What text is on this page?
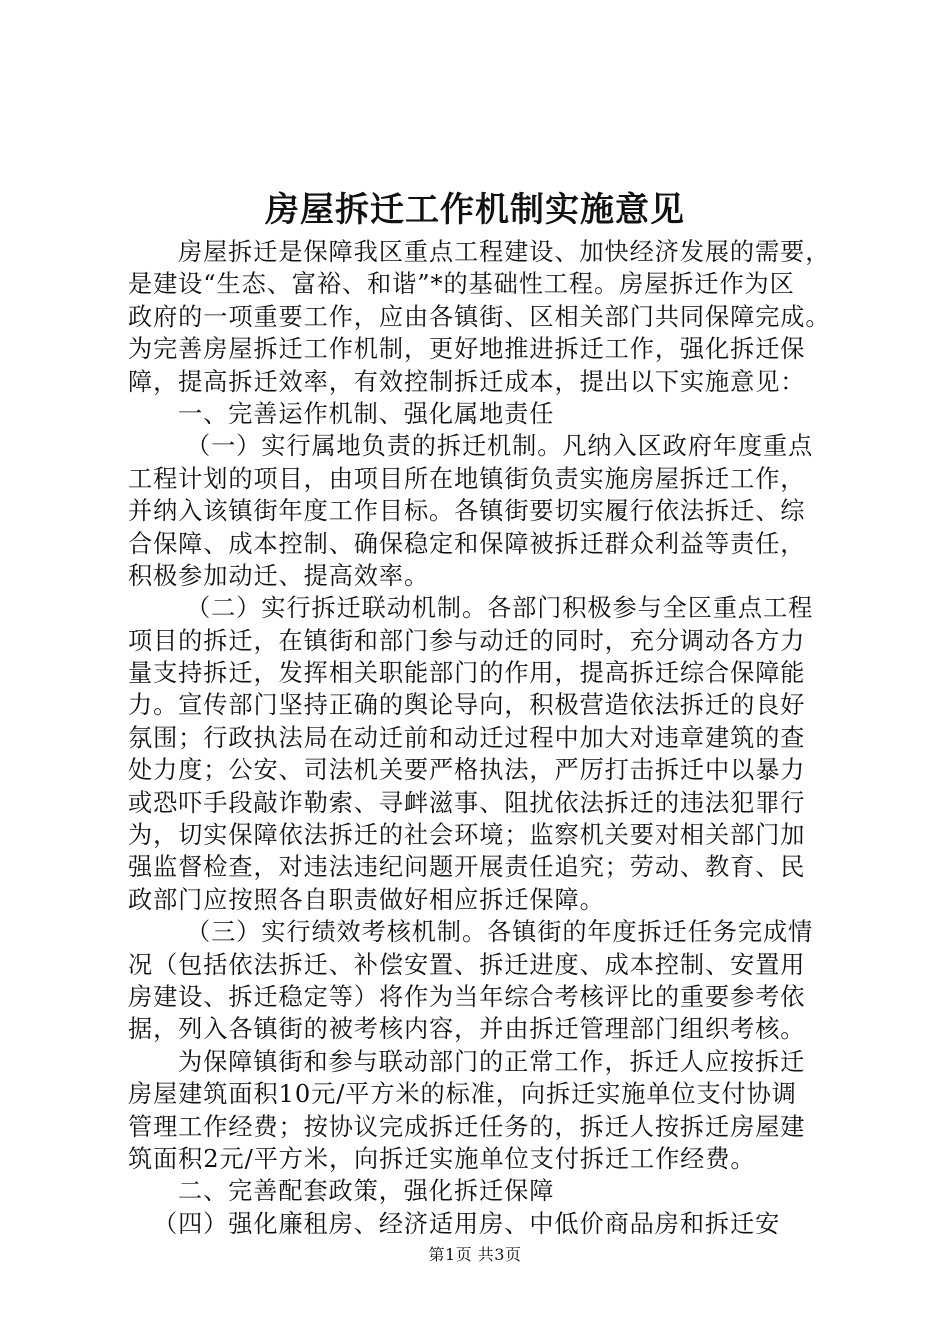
房屋拆迁工作机制实施意见
房屋拆迁是保障我区重点工程建设、加快经济发展的需要，
是建设“生态、富裕、和谐”*的基础性工程。房屋拆迁作为区
政府的一项重要工作，应由各镇街、区相关部门共同保障完成。
为完善房屋拆迁工作机制，更好地推进拆迁工作，强化拆迁保
障，提高拆迁效率，有效控制拆迁成本，提出以下实施意见：
一、完善运作机制、强化属地责任
（一）实行属地负责的拆迁机制。凡纳入区政府年度重点
工程计划的项目，由项目所在地镇街负责实施房屋拆迁工作，
并纳入该镇街年度工作目标。各镇街要切实履行依法拆迁、综
合保障、成本控制、确保稳定和保障被拆迁群众利益等责任，
积极参加动迁、提高效率。
（二）实行拆迁联动机制。各部门积极参与全区重点工程
项目的拆迁，在镇街和部门参与动迁的同时，充分调动各方力
量支持拆迁，发挥相关职能部门的作用，提高拆迁综合保障能
力。宣传部门坚持正确的舆论导向，积极营造依法拆迁的良好
氛围；行政执法局在动迁前和动迁过程中加大对违章建筑的查
处力度；公安、司法机关要严格执法，严厉打击拆迁中以暴力
或恐吓手段敲诈勒索、寻衅滋事、阻扰依法拆迁的违法犯罪行
为，切实保障依法拆迁的社会环境；监察机关要对相关部门加
强监督检查，对违法违纪问题开展责任追究；劳动、教育、民
政部门应按照各自职责做好相应拆迁保障。
（三）实行绩效考核机制。各镇街的年度拆迁任务完成情
况（包括依法拆迁、补偿安置、拆迁进度、成本控制、安置用
房建设、拆迁稳定等）将作为当年综合考核评比的重要参考依
据，列入各镇街的被考核内容，并由拆迁管理部门组织考核。
为保障镇街和参与联动部门的正常工作，拆迁人应按拆迁
房屋建筑面积10元/平方米的标准，向拆迁实施单位支付协调
管理工作经费；按协议完成拆迁任务的，拆迁人按拆迁房屋建
筑面积2元/平方米，向拆迁实施单位支付拆迁工作经费。
二、完善配套政策，强化拆迁保障
（四）强化廉租房、经济适用房、中低价商品房和拆迁安
第1页 共3页
